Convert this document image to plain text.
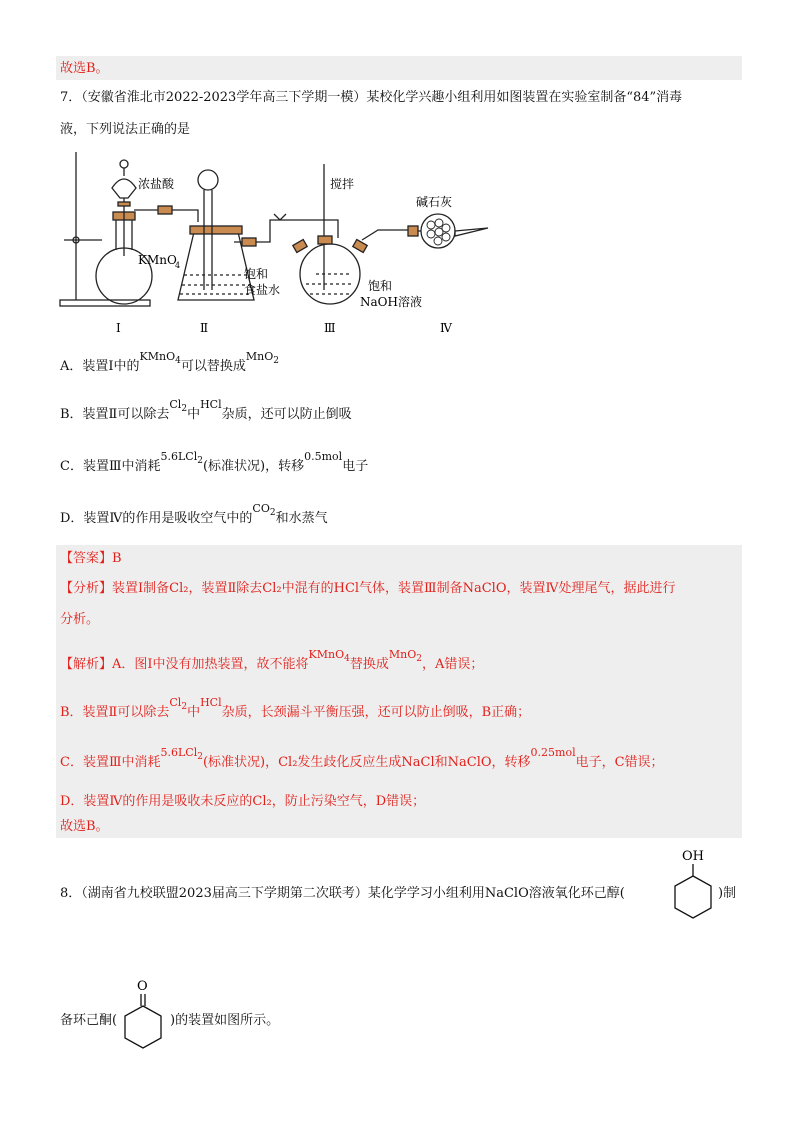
故选B。
7．（安徽省淮北市2022-2023学年高三下学期一模）某校化学兴趣小组利用如图装置在实验室制备“84”消毒
液，下列说法正确的是
浓盐酸	搅拌
碱石灰
KMnO
4
饱和
食盐水	饱和
NaOH溶液
Ⅰ	Ⅱ	Ⅲ	Ⅳ
A．装置Ⅰ中的$^{KMnO_4}$可以替换成$^{MnO_2}$
B．装置Ⅱ可以除去$^{Cl_2}$中$^{HCl}$杂质，还可以防止倒吸
C．装置Ⅲ中消耗$^{5.6LCl_2}$(标准状况)，转移$^{0.5mol}$电子
D．装置Ⅳ的作用是吸收空气中的$^{CO_2}$和水蒸气
【答案】B
【分析】装置Ⅰ制备Cl₂，装置Ⅱ除去Cl₂中混有的HCl气体，装置Ⅲ制备NaClO，装置Ⅳ处理尾气，据此进行
分析。
【解析】A．图Ⅰ中没有加热装置，故不能将$^{KMnO_4}$替换成$^{MnO_2}$，A错误；
B．装置Ⅱ可以除去$^{Cl_2}$中$^{HCl}$杂质，长颈漏斗平衡压强，还可以防止倒吸，B正确；
C．装置Ⅲ中消耗$^{5.6LCl_2}$(标准状况)，Cl₂发生歧化反应生成NaCl和NaClO，转移$^{0.25mol}$电子，C错误；
D．装置Ⅳ的作用是吸收未反应的Cl₂，防止污染空气，D错误；
故选B。
8．（湖南省九校联盟2023届高三下学期第二次联考）某化学学习小组利用NaClO溶液氧化环己醇(
OH
)制
备环己酮(
O
)的装置如图所示。
